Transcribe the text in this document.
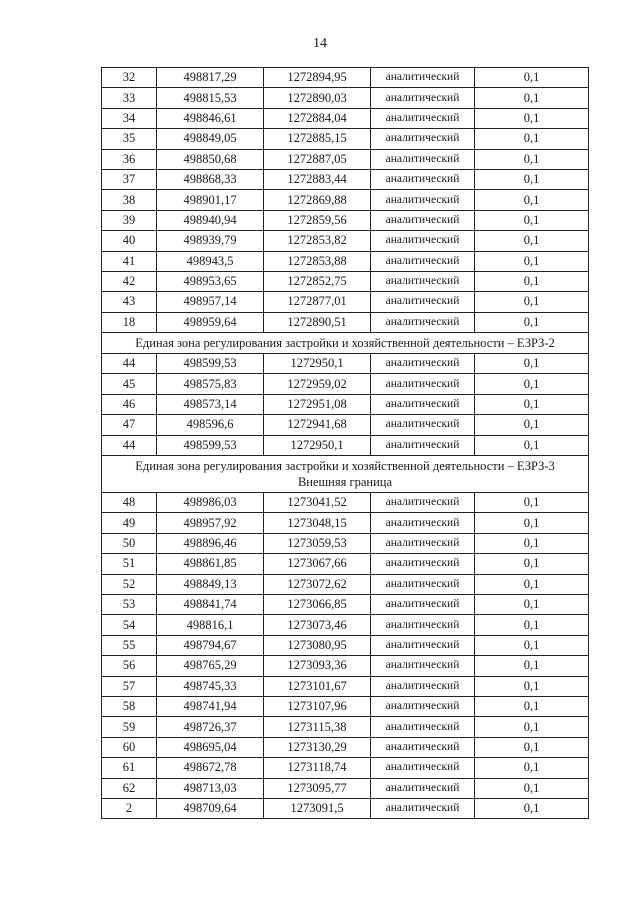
14
32	498817,29	1272894,95	аналитический	0,1
33	498815,53	1272890,03	аналитический	0,1
34	498846,61	1272884,04	аналитический	0,1
35	498849,05	1272885,15	аналитический	0,1
36	498850,68	1272887,05	аналитический	0,1
37	498868,33	1272883,44	аналитический	0,1
38	498901,17	1272869,88	аналитический	0,1
39	498940,94	1272859,56	аналитический	0,1
40	498939,79	1272853,82	аналитический	0,1
41	498943,5	1272853,88	аналитический	0,1
42	498953,65	1272852,75	аналитический	0,1
43	498957,14	1272877,01	аналитический	0,1
18	498959,64	1272890,51	аналитический	0,1

Единая зона регулирования застройки и хозяйственной деятельности – ЕЗРЗ-2				

44	498599,53	1272950,1	аналитический	0,1
45	498575,83	1272959,02	аналитический	0,1
46	498573,14	1272951,08	аналитический	0,1
47	498596,6	1272941,68	аналитический	0,1
44	498599,53	1272950,1	аналитический	0,1

Единая зона регулирования застройки и хозяйственной деятельности – ЕЗРЗ-3
Внешняя граница				

48	498986,03	1273041,52	аналитический	0,1
49	498957,92	1273048,15	аналитический	0,1
50	498896,46	1273059,53	аналитический	0,1
51	498861,85	1273067,66	аналитический	0,1
52	498849,13	1273072,62	аналитический	0,1
53	498841,74	1273066,85	аналитический	0,1
54	498816,1	1273073,46	аналитический	0,1
55	498794,67	1273080,95	аналитический	0,1
56	498765,29	1273093,36	аналитический	0,1
57	498745,33	1273101,67	аналитический	0,1
58	498741,94	1273107,96	аналитический	0,1
59	498726,37	1273115,38	аналитический	0,1
60	498695,04	1273130,29	аналитический	0,1
61	498672,78	1273118,74	аналитический	0,1
62	498713,03	1273095,77	аналитический	0,1
2	498709,64	1273091,5	аналитический	0,1
